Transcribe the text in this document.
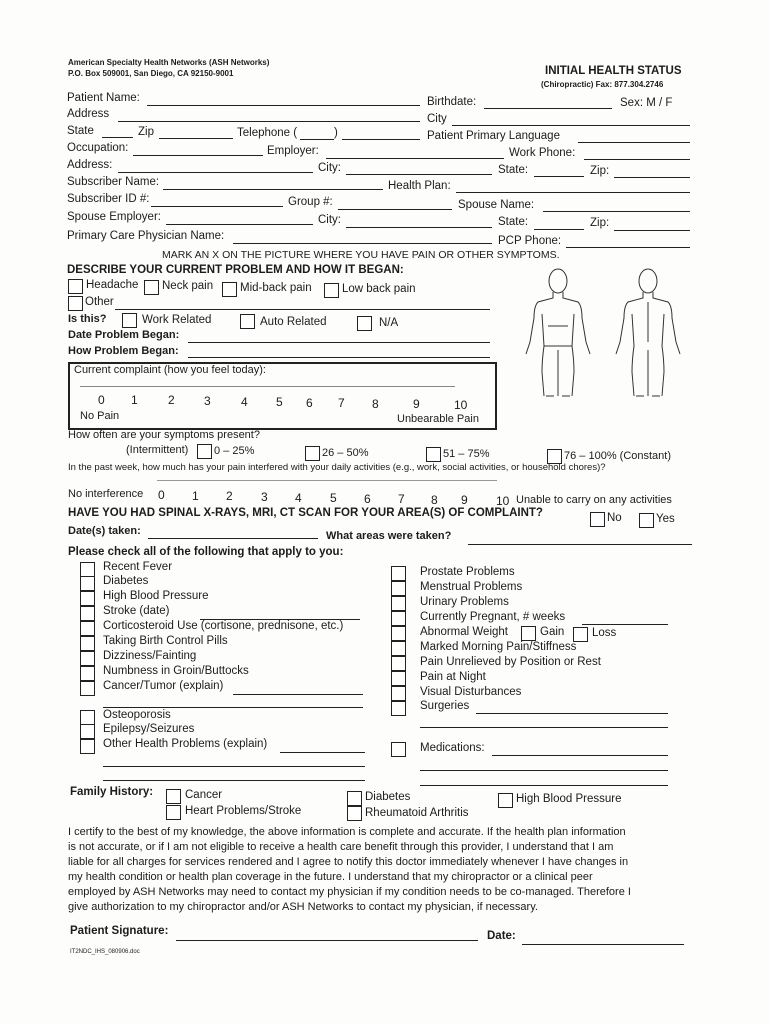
American Specialty Health Networks (ASH Networks)
P.O. Box 509001, San Diego, CA 92150-9001	INITIAL HEALTH STATUS
(Chiropractic) Fax: 877.304.2746
Patient Name:	Birthdate:	Sex: M / F
Address	City
State	Zip	Telephone (	)	Patient Primary Language
Occupation:	Employer:	Work Phone:
Address:	City:	State:	Zip:
Subscriber Name:	Health Plan:
Subscriber ID #:	Group #:	Spouse Name:
Spouse Employer:	City:	State:	Zip:
Primary Care Physician Name:	PCP Phone:
MARK AN X ON THE PICTURE WHERE YOU HAVE PAIN OR OTHER SYMPTOMS.
DESCRIBE YOUR CURRENT PROBLEM AND HOW IT BEGAN:
Headache Neck pain Mid-back pain	Low back pain
Other
Is this?	Work Related	Auto Related	N/A
Date Problem Began:
How Problem Began:
Current complaint (how you feel today):
0 1	2 3	4 5 6 7 8	9	10
No Pain	Unbearable Pain
How often are your symptoms present?
(Intermittent) 0 – 25%	26 – 50%	51 – 75%	76 – 100% (Constant)
In the past week, how much has your pain interfered with your daily activities (e.g., work, social activities, or household chores)?
No interference 0 1 2 3 4 5 6 7 8 9 10 Unable to carry on any activities
HAVE YOU HAD SPINAL X-RAYS, MRI, CT SCAN FOR YOUR AREA(S) OF COMPLAINT?	No	Yes
Date(s) taken:	What areas were taken?
Please check all of the following that apply to you:
Recent Fever
Diabetes
High Blood Pressure
Stroke (date)
Corticosteroid Use (cortisone, prednisone, etc.)
Taking Birth Control Pills
Dizziness/Fainting
Numbness in Groin/Buttocks
Cancer/Tumor (explain)
Osteoporosis
Epilepsy/Seizures
Other Health Problems (explain)
Prostate Problems
Menstrual Problems
Urinary Problems
Currently Pregnant, # weeks
Abnormal Weight	Gain Loss
Marked Morning Pain/Stiffness
Pain Unrelieved by Position or Rest
Pain at Night
Visual Disturbances
Surgeries
Medications:
Family History:	Cancer
Heart Problems/Stroke
Diabetes
Rheumatoid Arthritis
High Blood Pressure
I certify to the best of my knowledge, the above information is complete and accurate. If the health plan information
is not accurate, or if I am not eligible to receive a health care benefit through this provider, I understand that I am
liable for all charges for services rendered and I agree to notify this doctor immediately whenever I have changes in
my health condition or health plan coverage in the future. I understand that my chiropractor or a clinical peer
employed by ASH Networks may need to contact my physician if my condition needs to be co-managed. Therefore I
give authorization to my chiropractor and/or ASH Networks to contact my physician, if necessary.
Patient Signature:	Date:
IT2NDC_IHS_080906.doc
